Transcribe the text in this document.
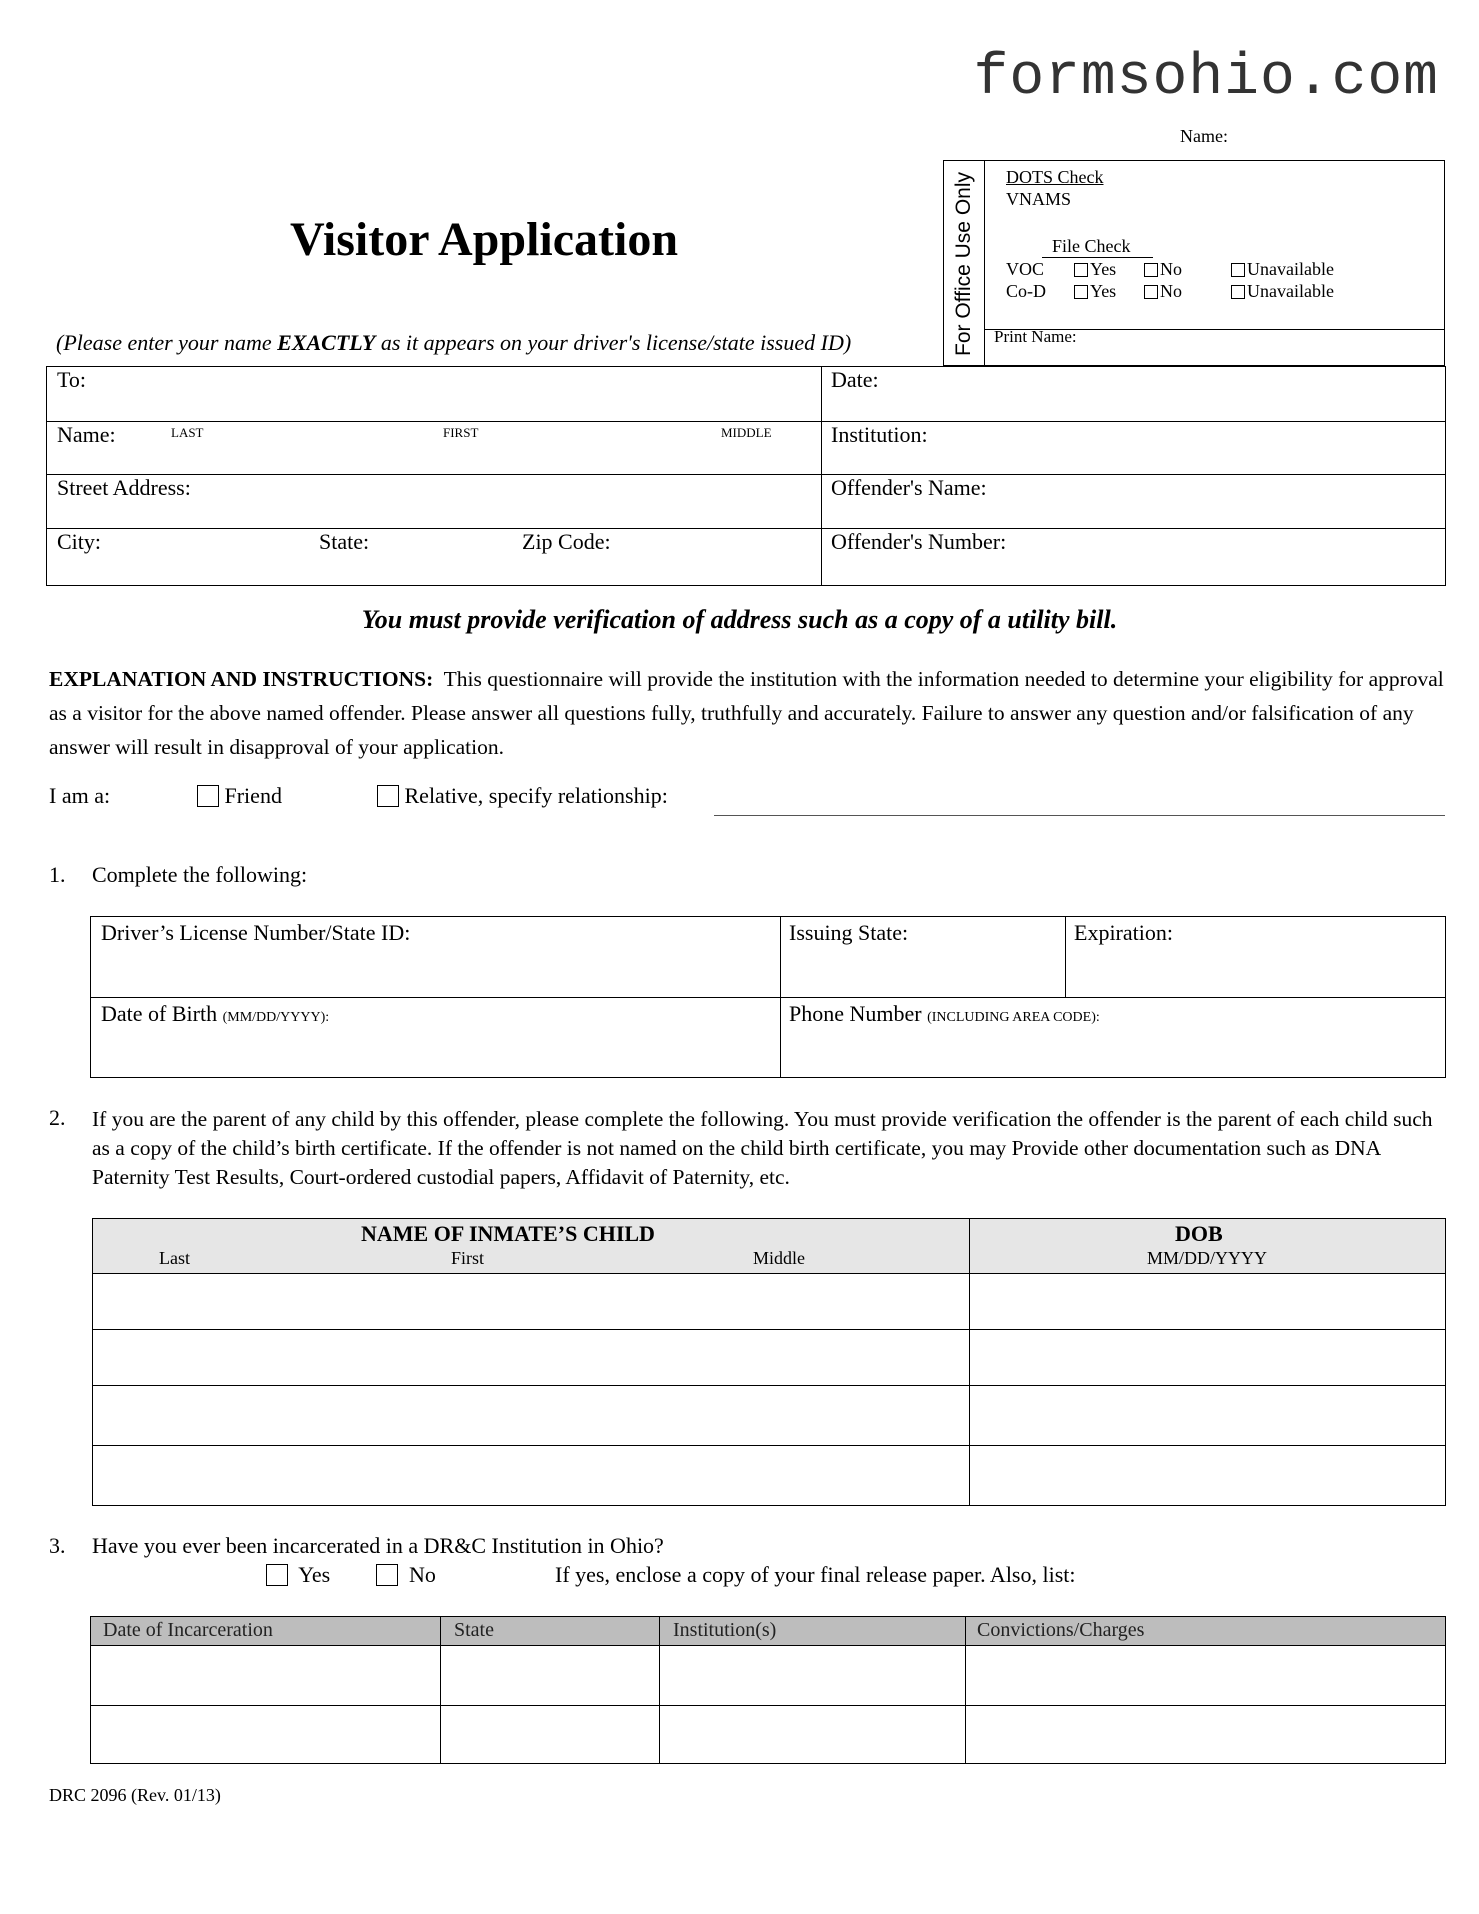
formsohio.com
Name:
Visitor Application	For Office Use Only DOTS Check
VNAMS
File Check
VOC	Yes	No	Unavailable
Co-D	Yes	No	Unavailable
Print Name:
(Please enter your name EXACTLY as it appears on your driver's license/state issued ID)
To:	Date:
Name:	LAST	FIRST	MIDDLE	Institution:
Street Address:	Offender's Name:
City:	State:	Zip Code:	Offender's Number:
You must provide verification of address such as a copy of a utility bill.
EXPLANATION AND INSTRUCTIONS: This questionnaire will provide the institution with the information needed to determine your eligibility for approval as a visitor for the above named offender. Please answer all questions fully, truthfully and accurately. Failure to answer any question and/or falsification of any answer will result in disapproval of your application.
I am a:	Friend	Relative, specify relationship:
1. Complete the following:
Driver’s License Number/State ID:	Issuing State:	Expiration:
Date of Birth (MM/DD/YYYY):	Phone Number (INCLUDING AREA CODE):
2. If you are the parent of any child by this offender, please complete the following. You must provide verification the offender is the parent of each child such as a copy of the child’s birth certificate. If the offender is not named on the child birth certificate, you may Provide other documentation such as DNA Paternity Test Results, Court-ordered custodial papers, Affidavit of Paternity, etc.
NAME OF INMATE’S CHILD
Last	First	Middle
DOB
MM/DD/YYYY
3. Have you ever been incarcerated in a DR&C Institution in Ohio?
Yes	No	If yes, enclose a copy of your final release paper. Also, list:
Date of Incarceration	State	Institution(s)	Convictions/Charges
DRC 2096 (Rev. 01/13)
